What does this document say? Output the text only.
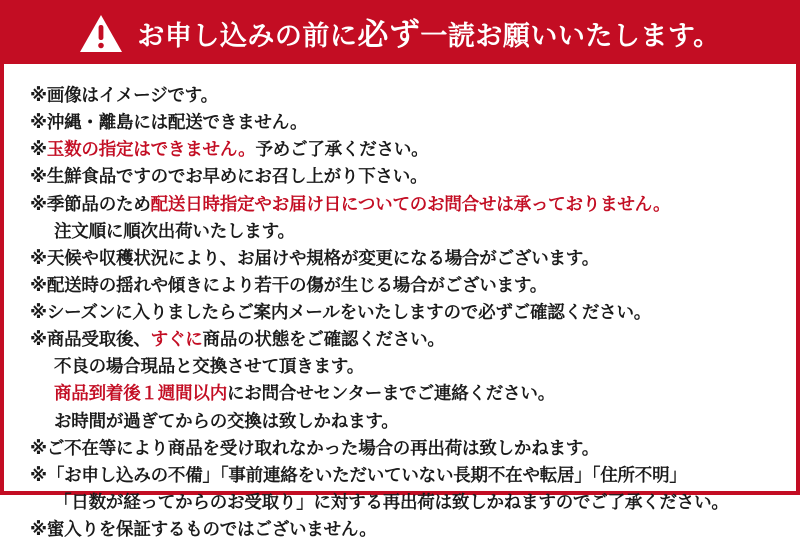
お申し込みの前に必ず一読お願いいたします。
※画像はイメージです。
※沖縄・離島には配送できません。
※玉数の指定はできません。予めご了承ください。
※生鮮食品ですのでお早めにお召し上がり下さい。
※季節品のため配送日時指定やお届け日についてのお問合せは承っておりません。
注文順に順次出荷いたします。
※天候や収穫状況により、お届けや規格が変更になる場合がございます。
※配送時の揺れや傾きにより若干の傷が生じる場合がございます。
※シーズンに入りましたらご案内メールをいたしますので必ずご確認ください。
※商品受取後、すぐに商品の状態をご確認ください。
不良の場合現品と交換させて頂きます。
商品到着後１週間以内にお問合せセンターまでご連絡ください。
お時間が過ぎてからの交換は致しかねます。
※ご不在等により商品を受け取れなかった場合の再出荷は致しかねます。
※「お申し込みの不備」「事前連絡をいただいていない長期不在や転居」「住所不明」
「日数が経ってからのお受取り」に対する再出荷は致しかねますのでご了承ください。
※蜜入りを保証するものではございません。
